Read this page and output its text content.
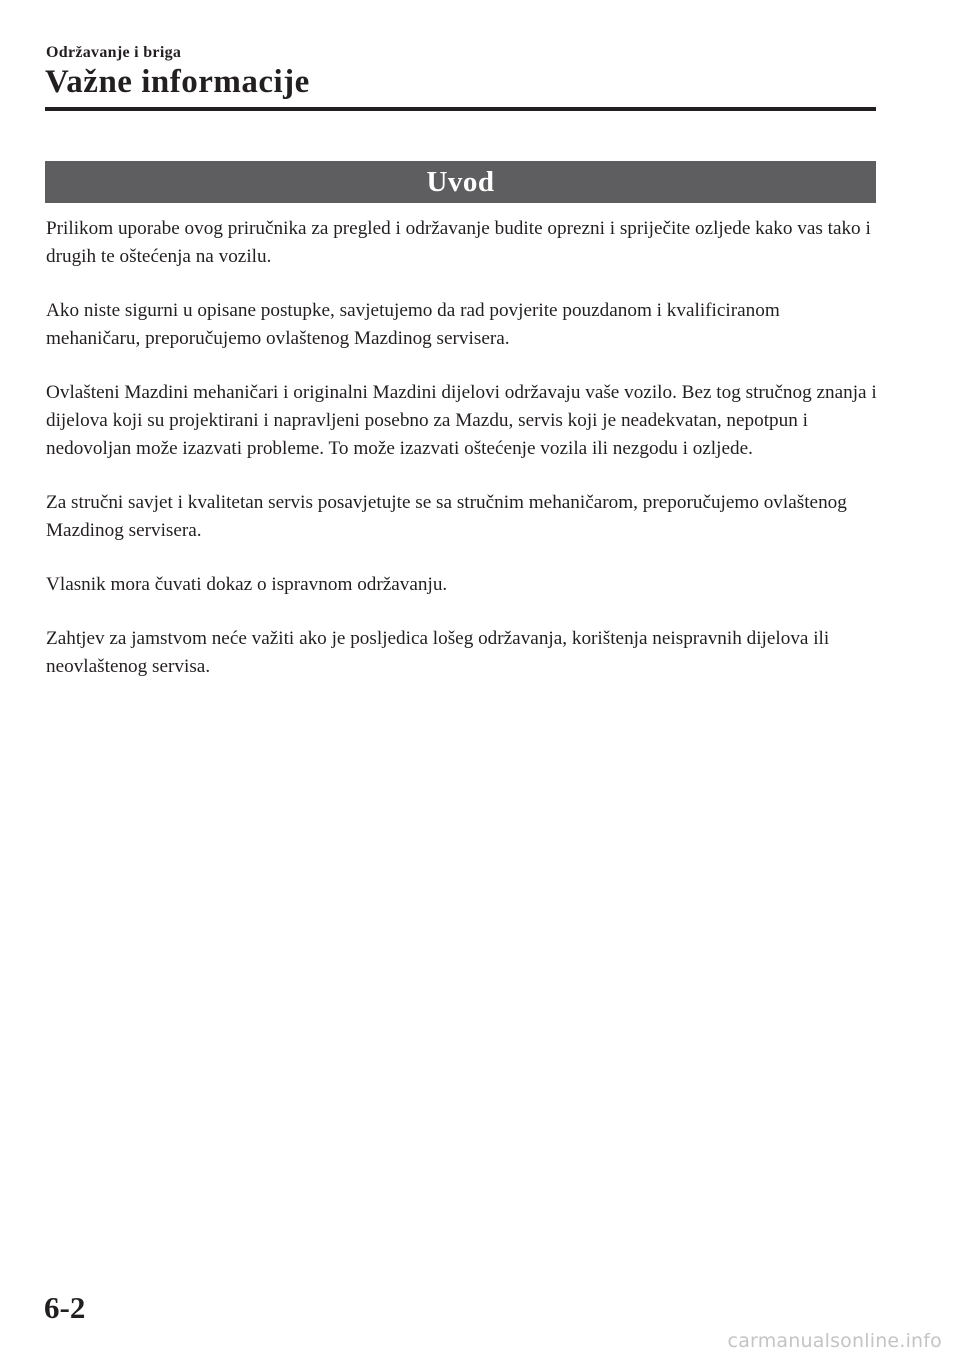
Održavanje i briga
Važne informacije
Uvod

Prilikom uporabe ovog priručnika za pregled i održavanje budite oprezni i spriječite ozljede kako vas tako i drugih te oštećenja na vozilu.

Ako niste sigurni u opisane postupke, savjetujemo da rad povjerite pouzdanom i kvalificiranom mehaničaru, preporučujemo ovlaštenog Mazdinog servisera.

Ovlašteni Mazdini mehaničari i originalni Mazdini dijelovi održavaju vaše vozilo. Bez tog stručnog znanja i dijelova koji su projektirani i napravljeni posebno za Mazdu, servis koji je neadekvatan, nepotpun i nedovoljan može izazvati probleme. To može izazvati oštećenje vozila ili nezgodu i ozljede.

Za stručni savjet i kvalitetan servis posavjetujte se sa stručnim mehaničarom, preporučujemo ovlaštenog Mazdinog servisera.

Vlasnik mora čuvati dokaz o ispravnom održavanju.

Zahtjev za jamstvom neće važiti ako je posljedica lošeg održavanja, korištenja neispravnih dijelova ili neovlaštenog servisa.

6-2
carmanualsonline.info
